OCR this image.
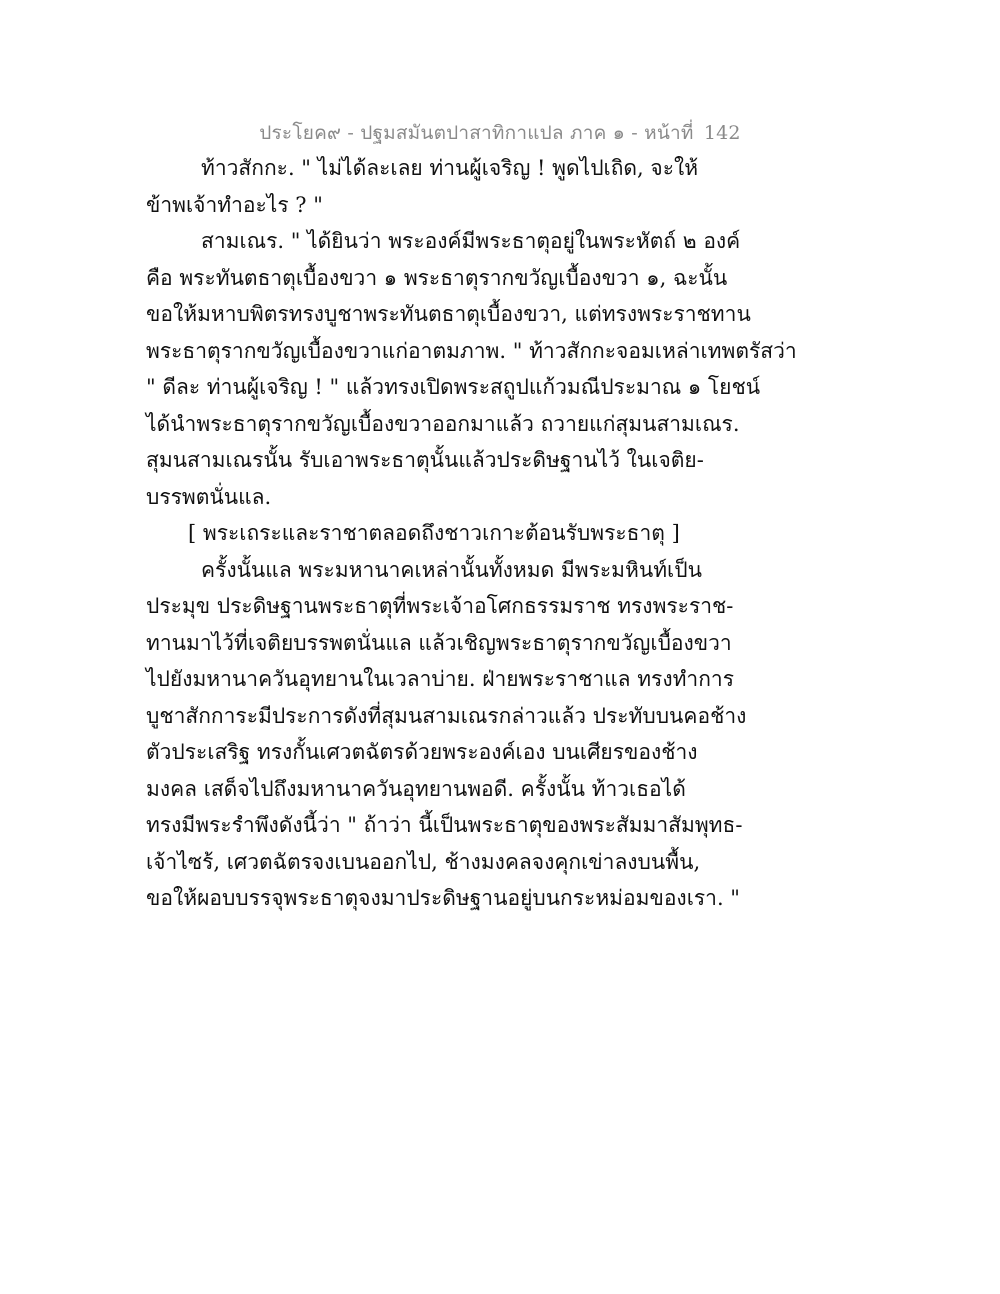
ประโยค๙ - ปฐมสมันตปาสาทิกาแปล ภาค ๑ - หน้าที่ 142
ท้าวสักกะ. " ไม่ได้ละเลย ท่านผู้เจริญ ! พูดไปเถิด, จะให้
ข้าพเจ้าทำอะไร ? "
สามเณร. " ได้ยินว่า พระองค์มีพระธาตุอยู่ในพระหัตถ์ ๒ องค์
คือ พระทันตธาตุเบื้องขวา ๑ พระธาตุรากขวัญเบื้องขวา ๑, ฉะนั้น
ขอให้มหาบพิตรทรงบูชาพระทันตธาตุเบื้องขวา, แต่ทรงพระราชทาน
พระธาตุรากขวัญเบื้องขวาแก่อาตมภาพ. " ท้าวสักกะจอมเหล่าเทพตรัสว่า
" ดีละ ท่านผู้เจริญ ! " แล้วทรงเปิดพระสถูปแก้วมณีประมาณ ๑ โยชน์
ได้นำพระธาตุรากขวัญเบื้องขวาออกมาแล้ว ถวายแก่สุมนสามเณร.
สุมนสามเณรนั้น รับเอาพระธาตุนั้นแล้วประดิษฐานไว้ ในเจติย-
บรรพตนั่นแล.
[ พระเถระและราชาตลอดถึงชาวเกาะต้อนรับพระธาตุ ]
ครั้งนั้นแล พระมหานาคเหล่านั้นทั้งหมด มีพระมหินท์เป็น
ประมุข ประดิษฐานพระธาตุที่พระเจ้าอโศกธรรมราช ทรงพระราช-
ทานมาไว้ที่เจติยบรรพตนั่นแล แล้วเชิญพระธาตุรากขวัญเบื้องขวา
ไปยังมหานาควันอุทยานในเวลาบ่าย. ฝ่ายพระราชาแล ทรงทำการ
บูชาสักการะมีประการดังที่สุมนสามเณรกล่าวแล้ว ประทับบนคอช้าง
ตัวประเสริฐ ทรงกั้นเศวตฉัตรด้วยพระองค์เอง บนเศียรของช้าง
มงคล เสด็จไปถึงมหานาควันอุทยานพอดี. ครั้งนั้น ท้าวเธอได้
ทรงมีพระรำพึงดังนี้ว่า " ถ้าว่า นี้เป็นพระธาตุของพระสัมมาสัมพุทธ-
เจ้าไซร้, เศวตฉัตรจงเบนออกไป, ช้างมงคลจงคุกเข่าลงบนพื้น,
ขอให้ผอบบรรจุพระธาตุจงมาประดิษฐานอยู่บนกระหม่อมของเรา. "
